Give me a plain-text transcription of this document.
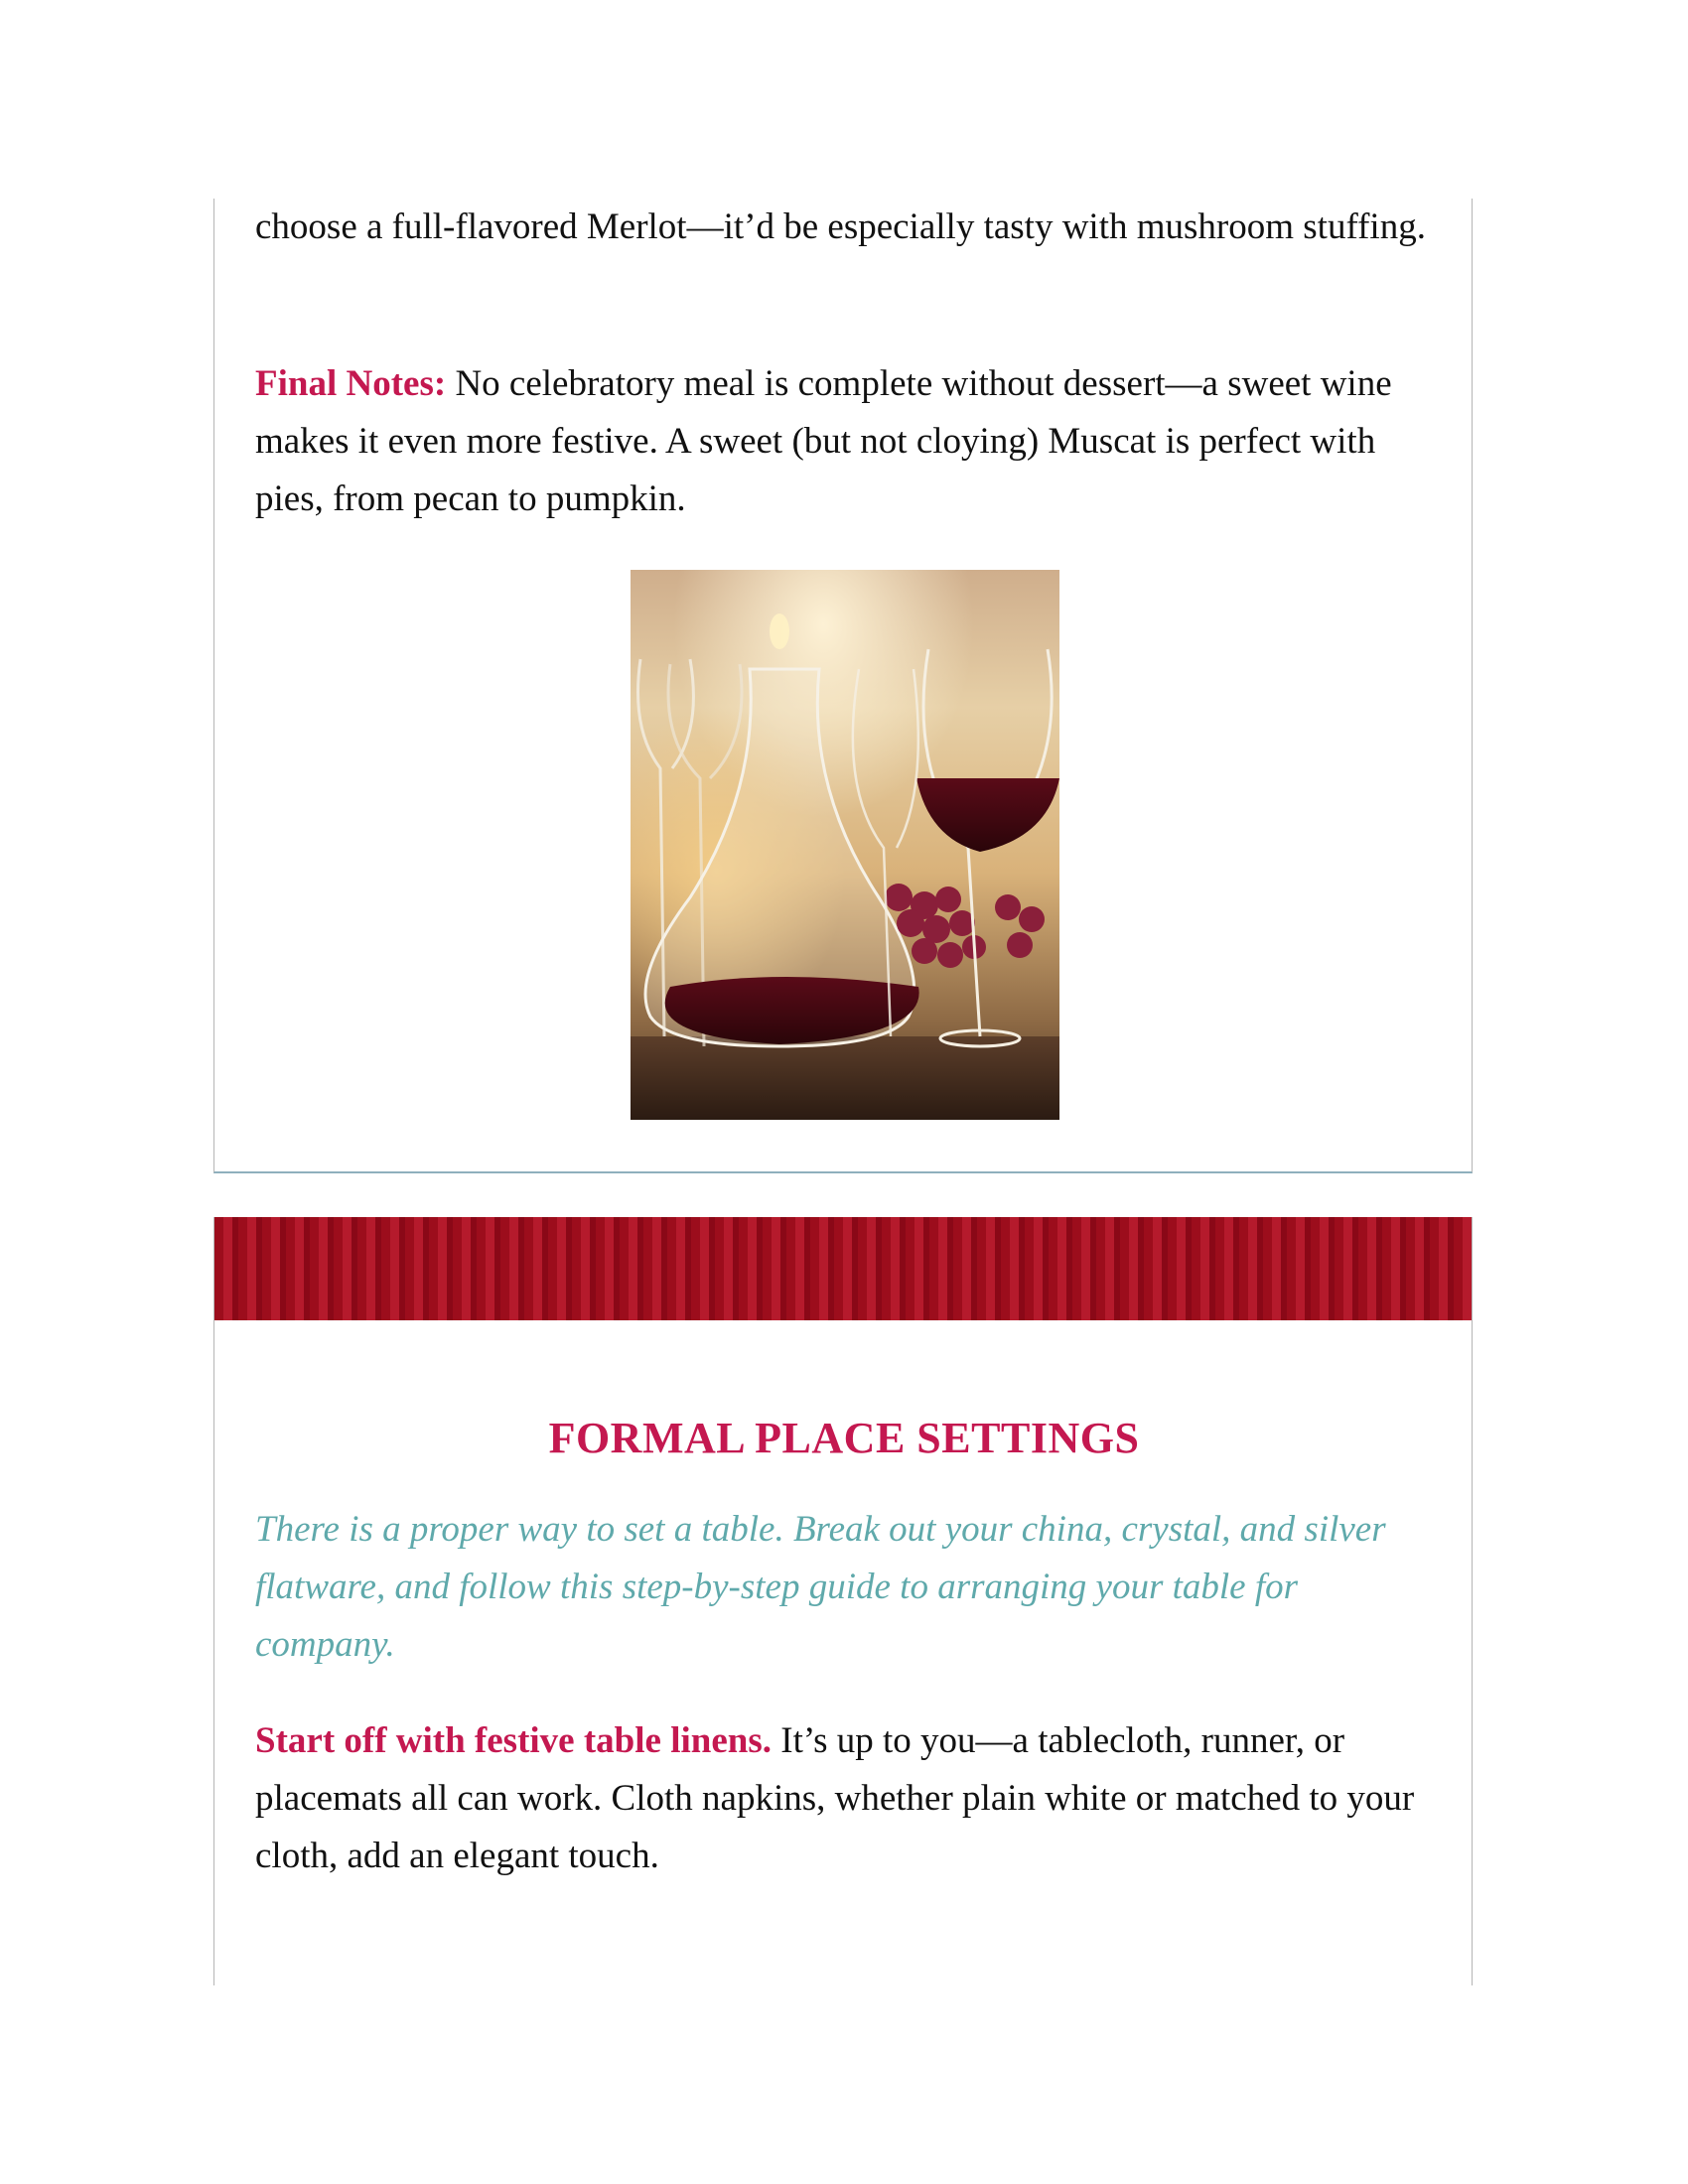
choose a full-flavored Merlot—it’d be especially tasty with mushroom stuffing.

Final Notes: No celebratory meal is complete without dessert—a sweet wine makes it even more festive. A sweet (but not cloying) Muscat is perfect with pies, from pecan to pumpkin.

FORMAL PLACE SETTINGS

There is a proper way to set a table. Break out your china, crystal, and silver flatware, and follow this step-by-step guide to arranging your table for company.

Start off with festive table linens. It’s up to you—a tablecloth, runner, or placemats all can work. Cloth napkins, whether plain white or matched to your cloth, add an elegant touch.
